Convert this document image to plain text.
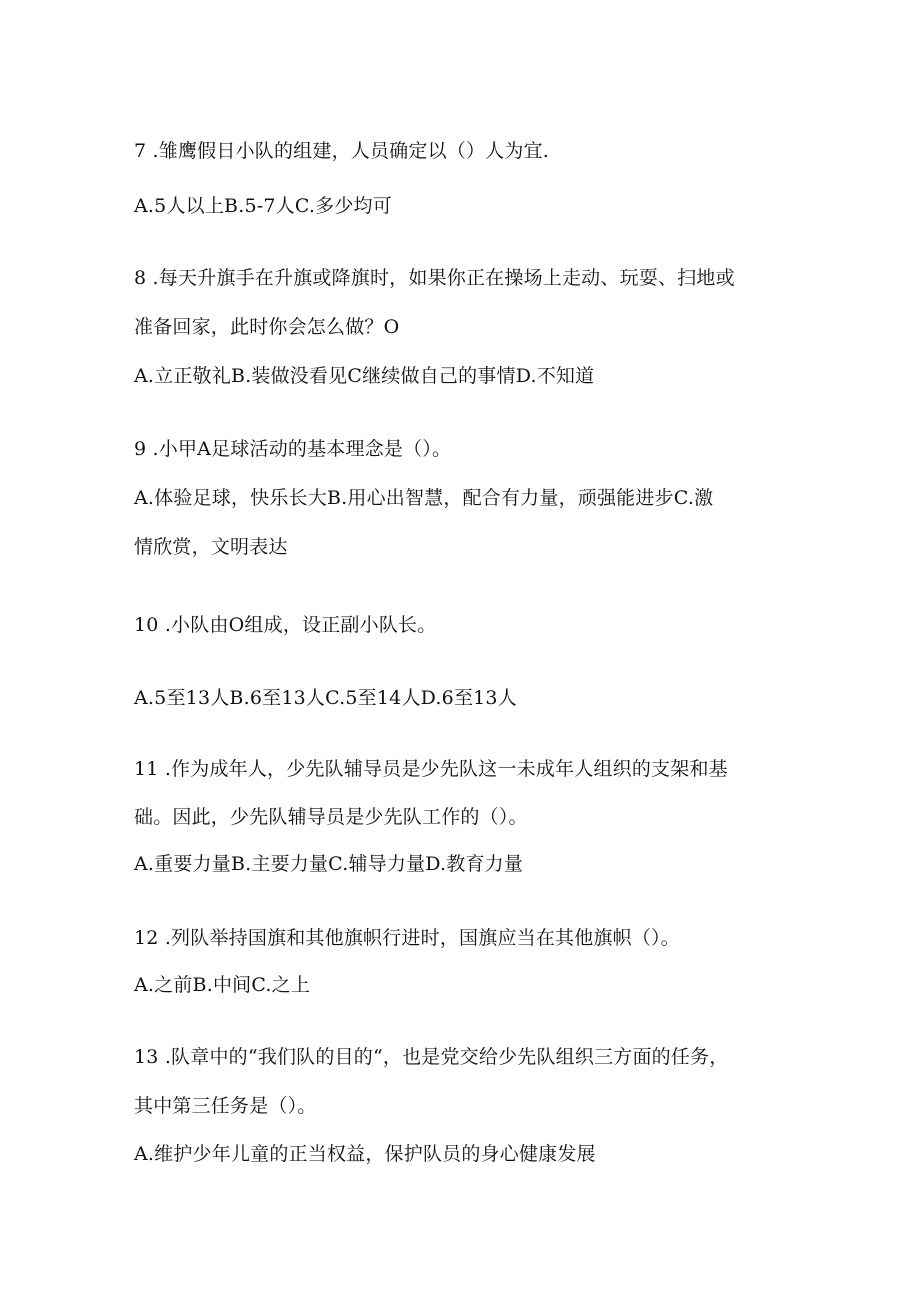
7 .雏鹰假日小队的组建，人员确定以（）人为宜.
A.5人以上B.5-7人C.多少均可
8 .每天升旗手在升旗或降旗时，如果你正在操场上走动、玩耍、扫地或
准备回家，此时你会怎么做？O
A.立正敬礼B.装做没看见C继续做自己的事情D.不知道
9 .小甲A足球活动的基本理念是（）。
A.体验足球，快乐长大B.用心出智慧，配合有力量，顽强能进步C.激
情欣赏，文明表达
10 .小队由O组成，设正副小队长。
A.5至13人B.6至13人C.5至14人D.6至13人
11 .作为成年人，少先队辅导员是少先队这一未成年人组织的支架和基
础。因此，少先队辅导员是少先队工作的（）。
A.重要力量B.主要力量C.辅导力量D.教育力量
12 .列队举持国旗和其他旗帜行进时，国旗应当在其他旗帜（）。
A.之前B.中间C.之上
13 .队章中的“我们队的目的“，也是党交给少先队组织三方面的任务，
其中第三任务是（）。
A.维护少年儿童的正当权益，保护队员的身心健康发展
